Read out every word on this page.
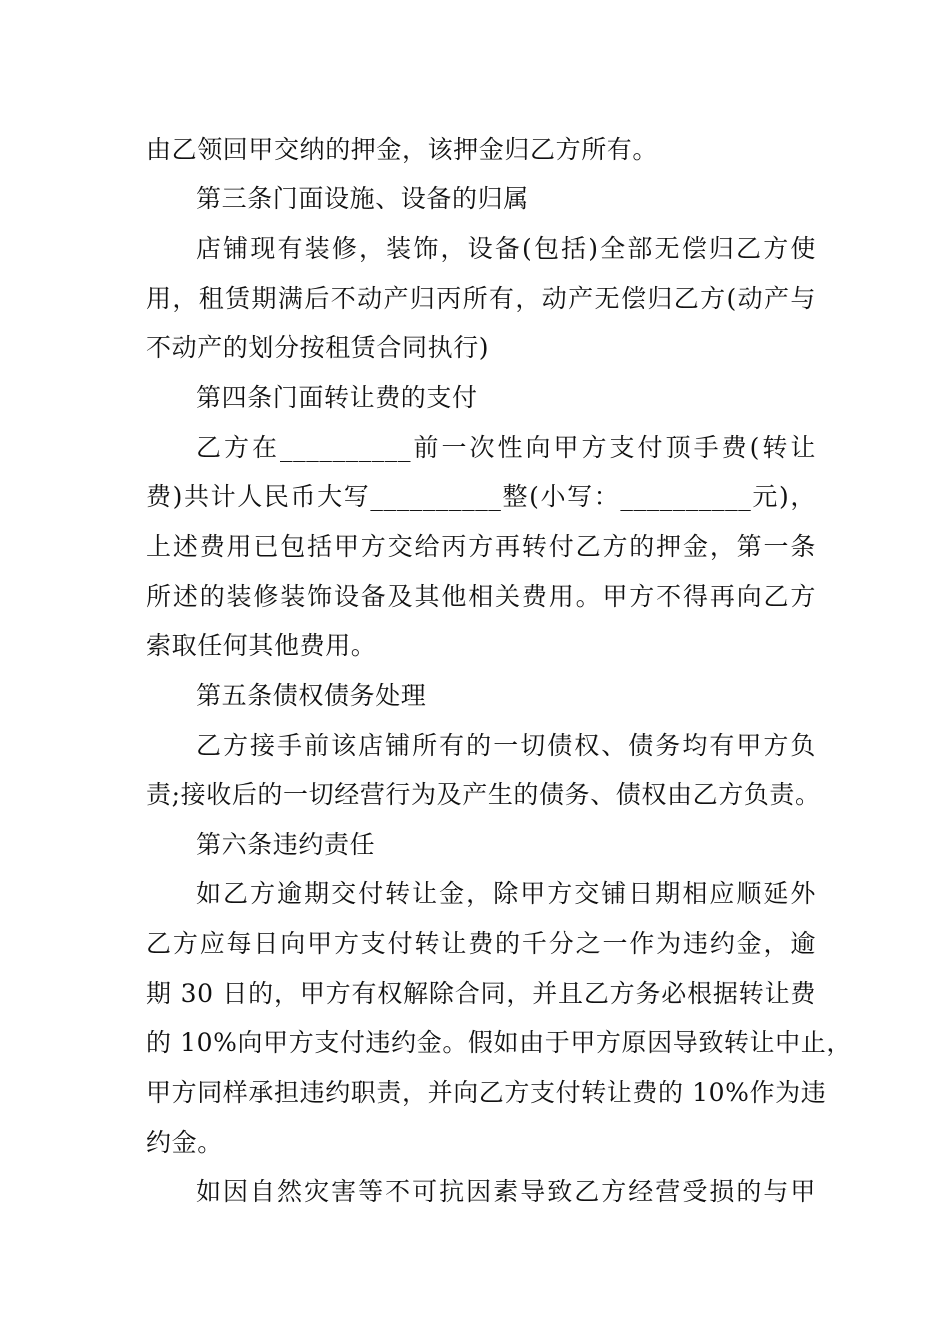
由乙领回甲交纳的押金，该押金归乙方所有。
第三条门面设施、设备的归属
店铺现有装修，装饰，设备(包括)全部无偿归乙方使
用，租赁期满后不动产归丙所有，动产无偿归乙方(动产与
不动产的划分按租赁合同执行)
第四条门面转让费的支付
乙方在__________前一次性向甲方支付顶手费(转让
费)共计人民币大写__________整(小写：__________元)，
上述费用已包括甲方交给丙方再转付乙方的押金，第一条
所述的装修装饰设备及其他相关费用。甲方不得再向乙方
索取任何其他费用。
第五条债权债务处理
乙方接手前该店铺所有的一切债权、债务均有甲方负
责;接收后的一切经营行为及产生的债务、债权由乙方负责。
第六条违约责任
如乙方逾期交付转让金，除甲方交铺日期相应顺延外
乙方应每日向甲方支付转让费的千分之一作为违约金，逾
期 30 日的，甲方有权解除合同，并且乙方务必根据转让费
的 10%向甲方支付违约金。假如由于甲方原因导致转让中止，
甲方同样承担违约职责，并向乙方支付转让费的 10%作为违
约金。
如因自然灾害等不可抗因素导致乙方经营受损的与甲
